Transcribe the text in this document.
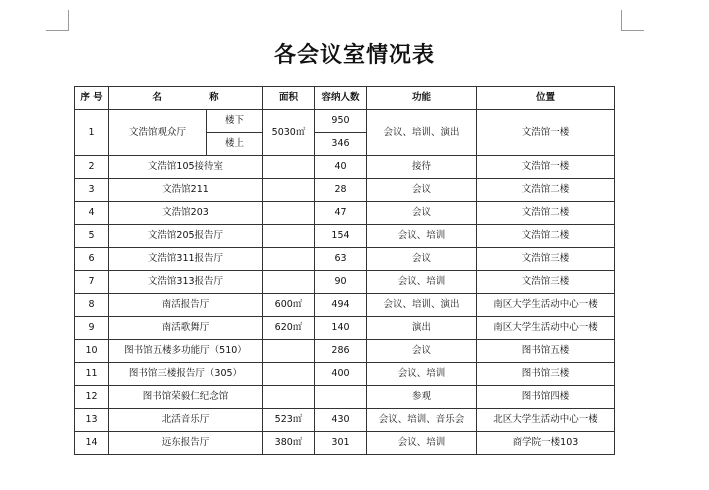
各会议室情况表
序 号	名 称		面积	容纳人数	功能	位置
1	文浩馆观众厅	楼下	5030㎡	950	会议、培训、演出	文浩馆一楼
		楼上		346		
2	文浩馆105接待室			40	接待	文浩馆一楼
3	文浩馆211			28	会议	文浩馆二楼
4	文浩馆203			47	会议	文浩馆二楼
5	文浩馆205报告厅			154	会议、培训	文浩馆二楼
6	文浩馆311报告厅			63	会议	文浩馆三楼
7	文浩馆313报告厅			90	会议、培训	文浩馆三楼
8	南活报告厅		600㎡	494	会议、培训、演出	南区大学生活动中心一楼
9	南活歌舞厅		620㎡	140	演出	南区大学生活动中心一楼
10	图书馆五楼多功能厅（510）			286	会议	图书馆五楼
11	图书馆三楼报告厅（305）			400	会议、培训	图书馆三楼
12	图书馆荣毅仁纪念馆				参观	图书馆四楼
13	北活音乐厅		523㎡	430	会议、培训、音乐会	北区大学生活动中心一楼
14	远东报告厅		380㎡	301	会议、培训	商学院一楼103
